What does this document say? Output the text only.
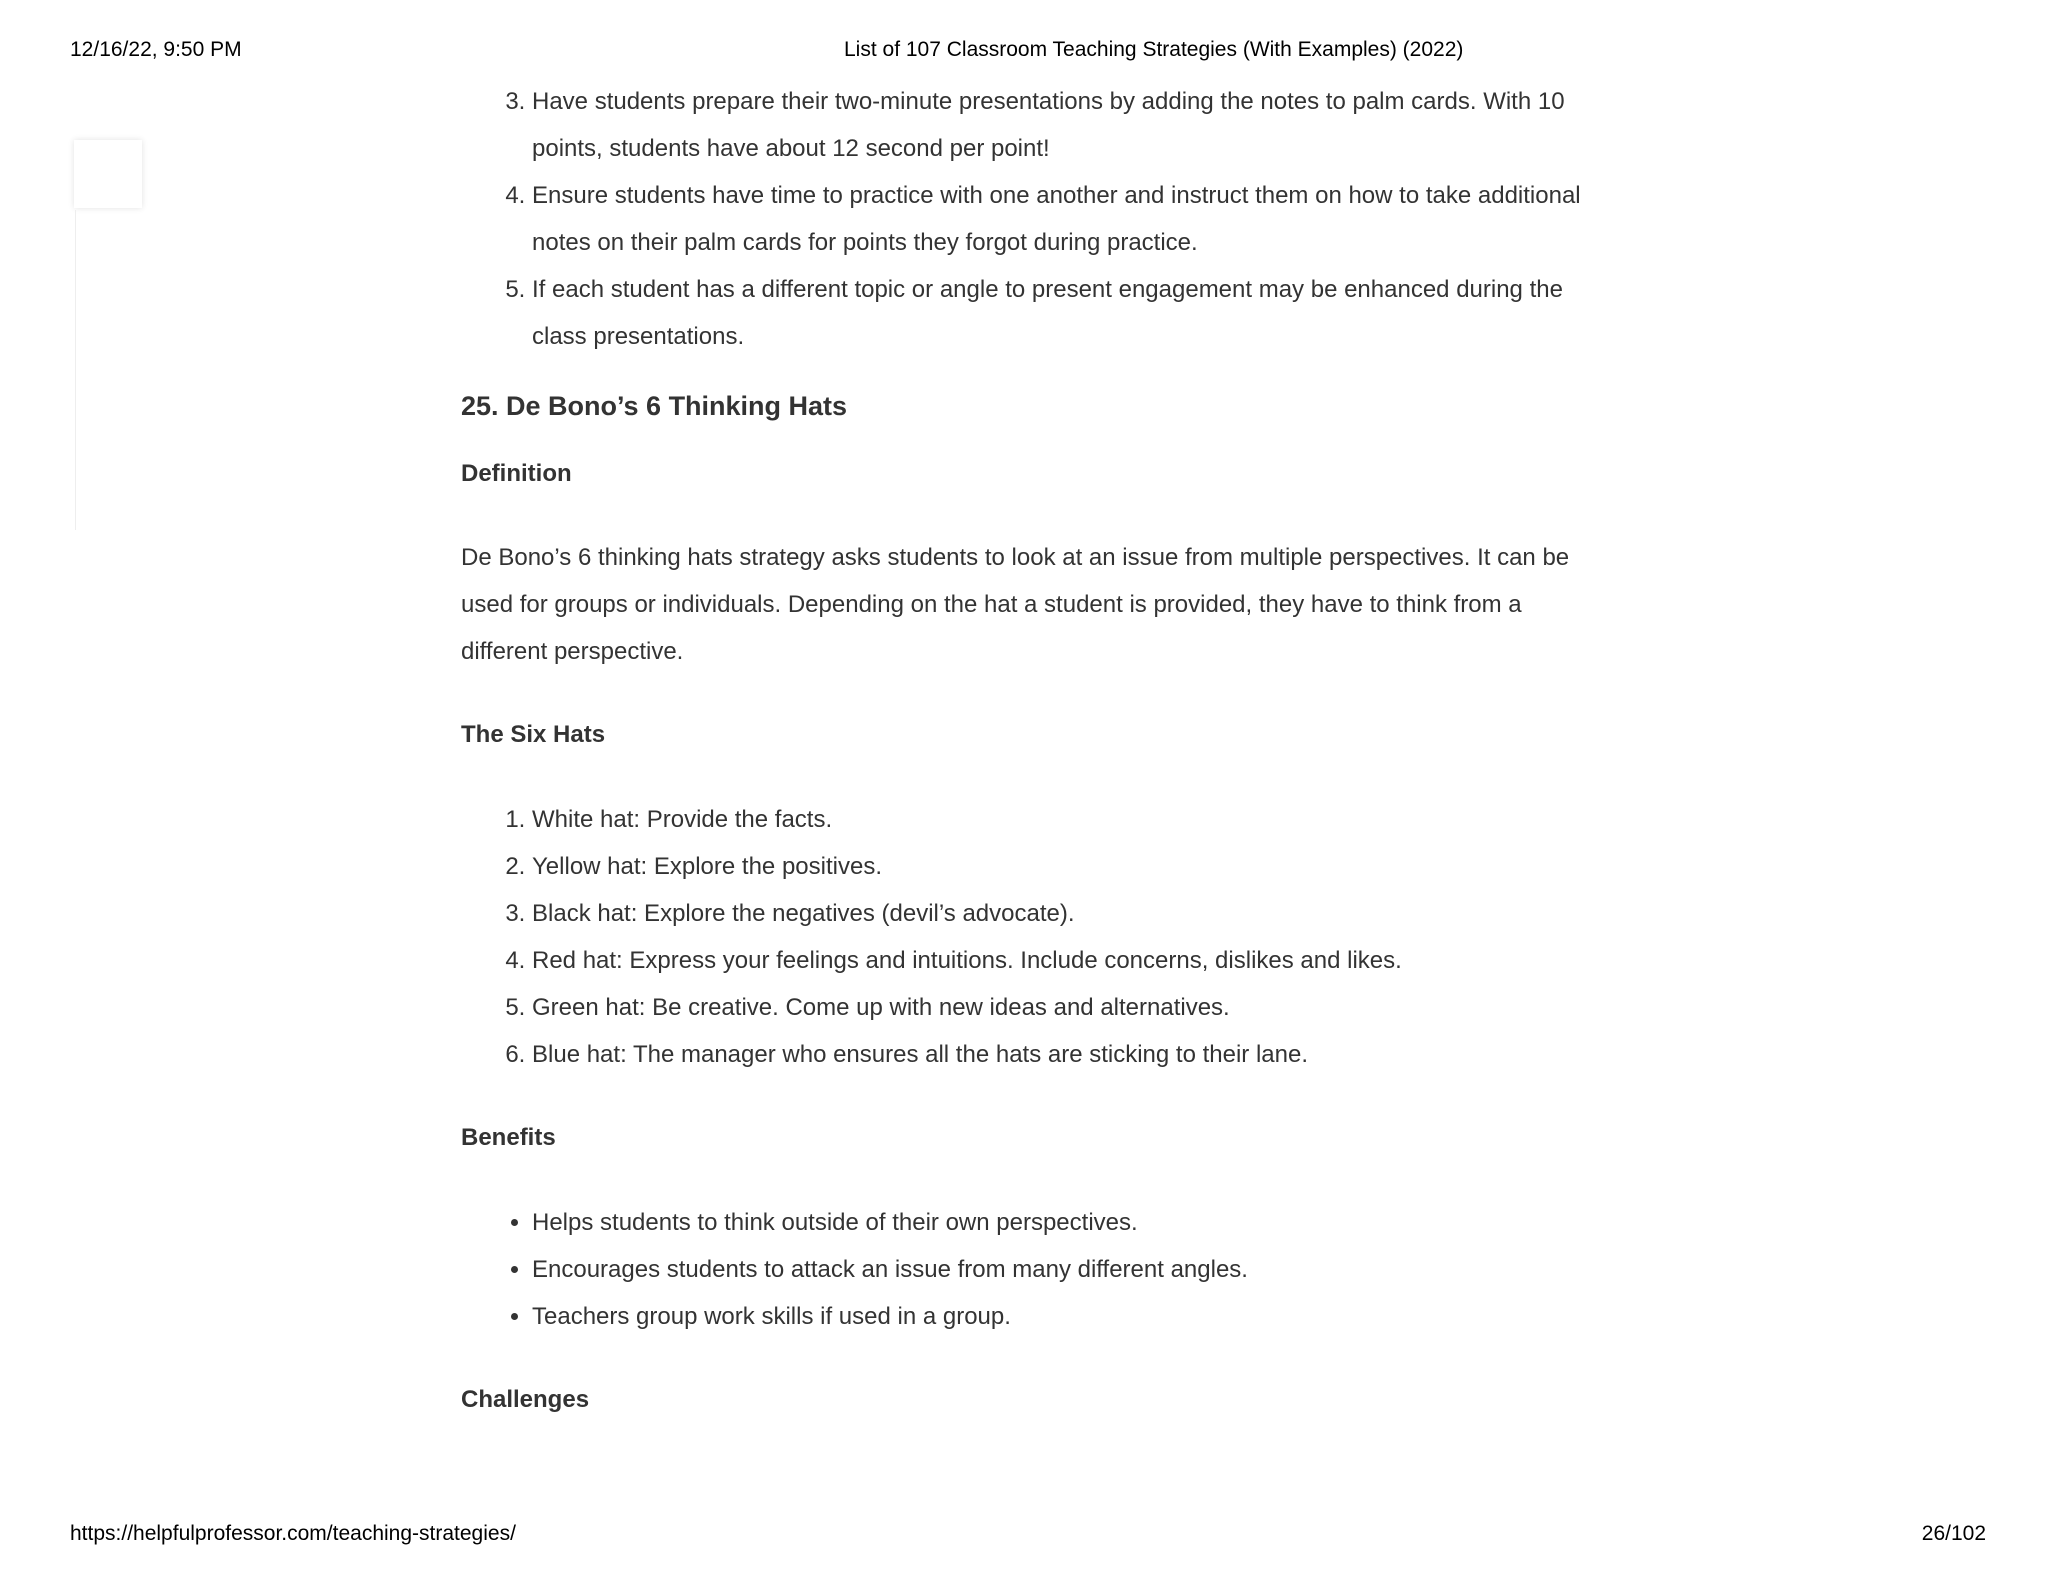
12/16/22, 9:50 PM	List of 107 Classroom Teaching Strategies (With Examples) (2022)
3. Have students prepare their two-minute presentations by adding the notes to palm cards. With 10 points, students have about 12 second per point!
4. Ensure students have time to practice with one another and instruct them on how to take additional notes on their palm cards for points they forgot during practice.
5. If each student has a different topic or angle to present engagement may be enhanced during the class presentations.
25. De Bono’s 6 Thinking Hats
Definition

De Bono’s 6 thinking hats strategy asks students to look at an issue from multiple perspectives. It can be used for groups or individuals. Depending on the hat a student is provided, they have to think from a different perspective.

The Six Hats
1. White hat: Provide the facts.
2. Yellow hat: Explore the positives.
3. Black hat: Explore the negatives (devil’s advocate).
4. Red hat: Express your feelings and intuitions. Include concerns, dislikes and likes.
5. Green hat: Be creative. Come up with new ideas and alternatives.
6. Blue hat: The manager who ensures all the hats are sticking to their lane.
Benefits
• Helps students to think outside of their own perspectives.
• Encourages students to attack an issue from many different angles.
• Teachers group work skills if used in a group.
Challenges
https://helpfulprofessor.com/teaching-strategies/	26/102
